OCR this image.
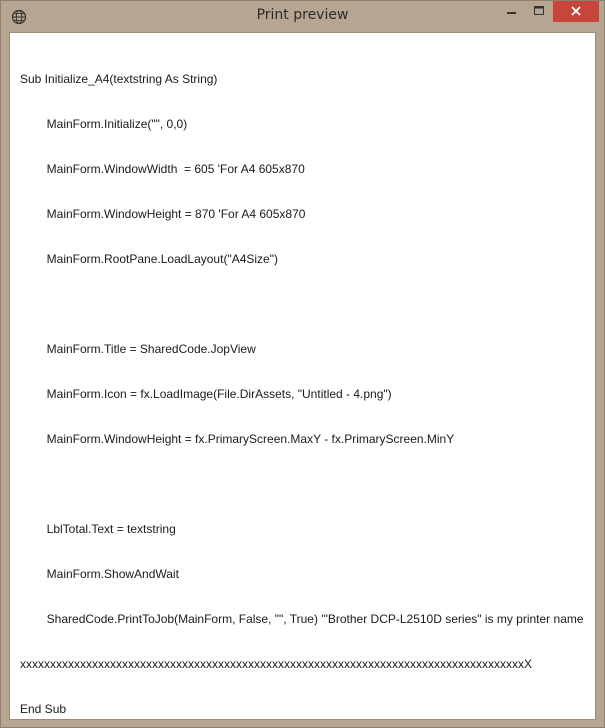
Print preview

Sub Initialize_A4(textstring As String)

MainForm.Initialize("", 0,0)

MainForm.WindowWidth  = 605 'For A4 605x870

MainForm.WindowHeight = 870 'For A4 605x870

MainForm.RootPane.LoadLayout("A4Size")

MainForm.Title = SharedCode.JopView

MainForm.Icon = fx.LoadImage(File.DirAssets, "Untitled - 4.png")

MainForm.WindowHeight = fx.PrimaryScreen.MaxY - fx.PrimaryScreen.MinY

LblTotal.Text = textstring

MainForm.ShowAndWait

SharedCode.PrintToJob(MainForm, False, "", True) '"Brother DCP-L2510D series" is my printer name

xxxxxxxxxxxxxxxxxxxxxxxxxxxxxxxxxxxxxxxxxxxxxxxxxxxxxxxxxxxxxxxxxxxxxxxxxxxxxxxxxxxxX

End Sub
